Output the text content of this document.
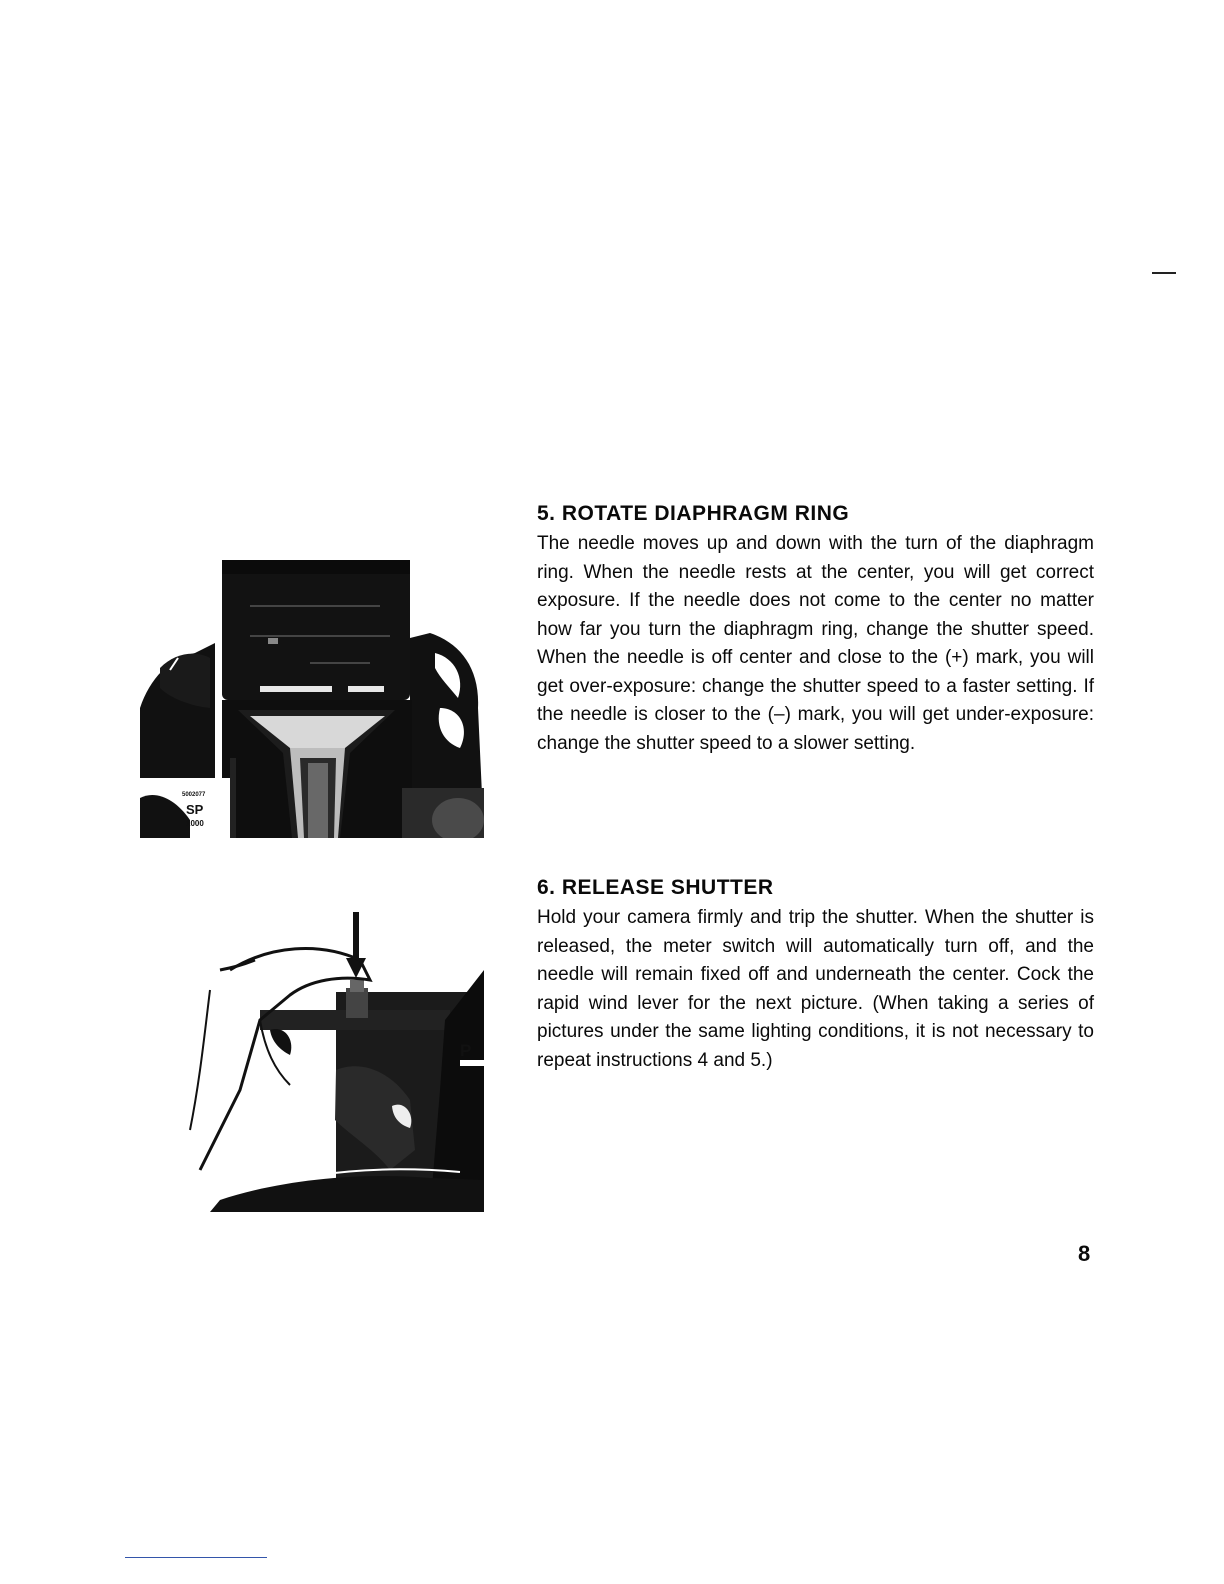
5002077
SP
1000
5. ROTATE DIAPHRAGM RING

The needle moves up and down with the turn of the diaphragm ring. When the needle rests at the center, you will get correct exposure. If the needle does not come to the center no matter how far you turn the diaphragm ring, change the shutter speed. When the needle is off center and close to the (+) mark, you will get over-exposure: change the shutter speed to a faster setting. If the needle is closer to the (–) mark, you will get under-exposure: change the shutter speed to a slower setting.

P
6. RELEASE SHUTTER

Hold your camera firmly and trip the shutter. When the shutter is released, the meter switch will automatically turn off, and the needle will remain fixed off and underneath the center. Cock the rapid wind lever for the next picture. (When taking a series of pictures under the same lighting conditions, it is not necessary to repeat instructions 4 and 5.)

8
